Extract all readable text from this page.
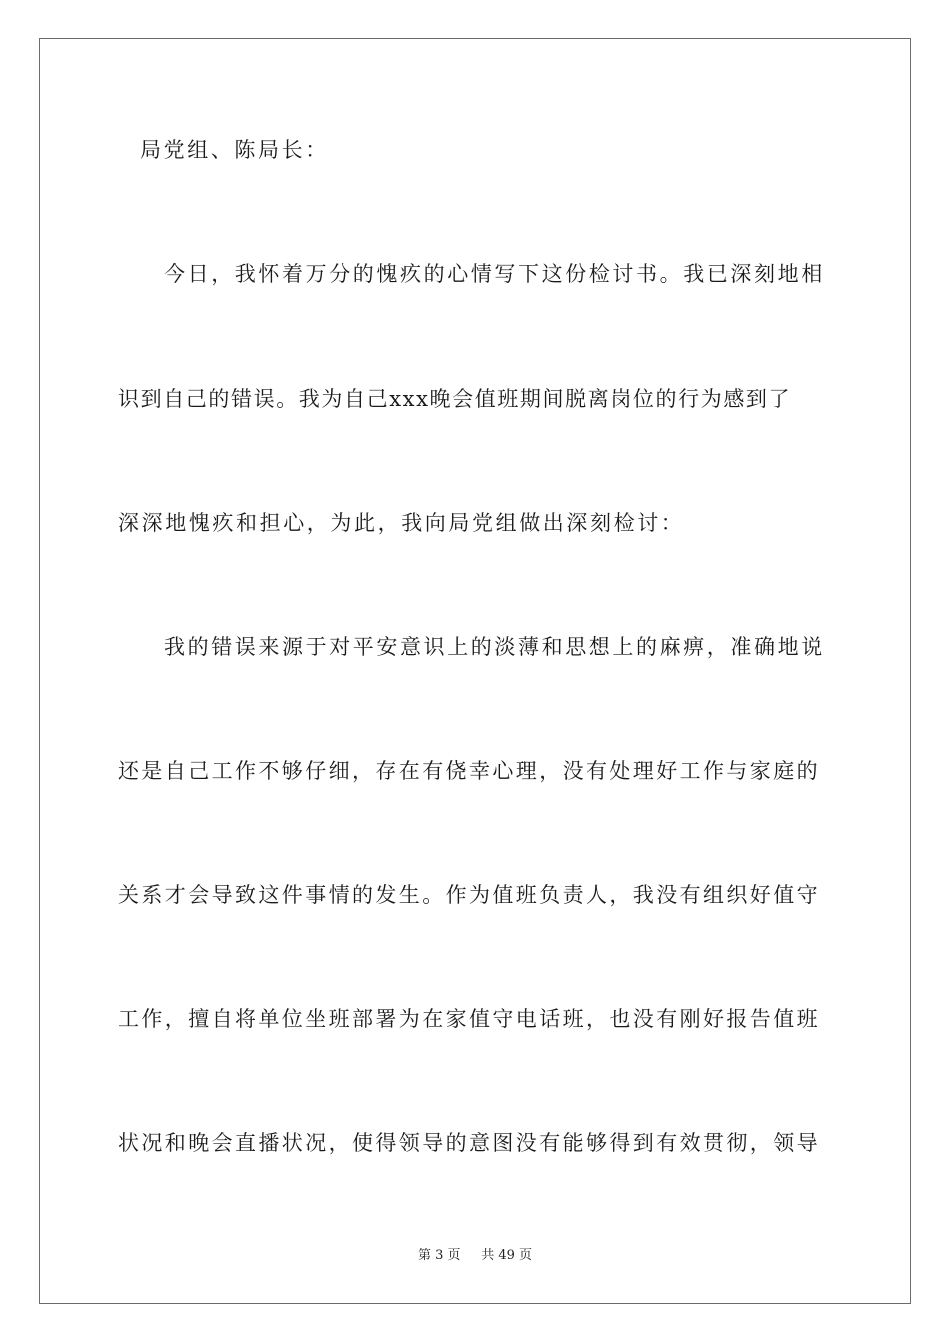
局党组、陈局长：
今日，我怀着万分的愧疚的心情写下这份检讨书。我已深刻地相
识到自己的错误。我为自己xxx晚会值班期间脱离岗位的行为感到了
深深地愧疚和担心，为此，我向局党组做出深刻检讨：
我的错误来源于对平安意识上的淡薄和思想上的麻痹，准确地说
还是自己工作不够仔细，存在有侥幸心理，没有处理好工作与家庭的
关系才会导致这件事情的发生。作为值班负责人，我没有组织好值守
工作，擅自将单位坐班部署为在家值守电话班，也没有刚好报告值班
状况和晚会直播状况，使得领导的意图没有能够得到有效贯彻，领导
第 3 页 共 49 页
